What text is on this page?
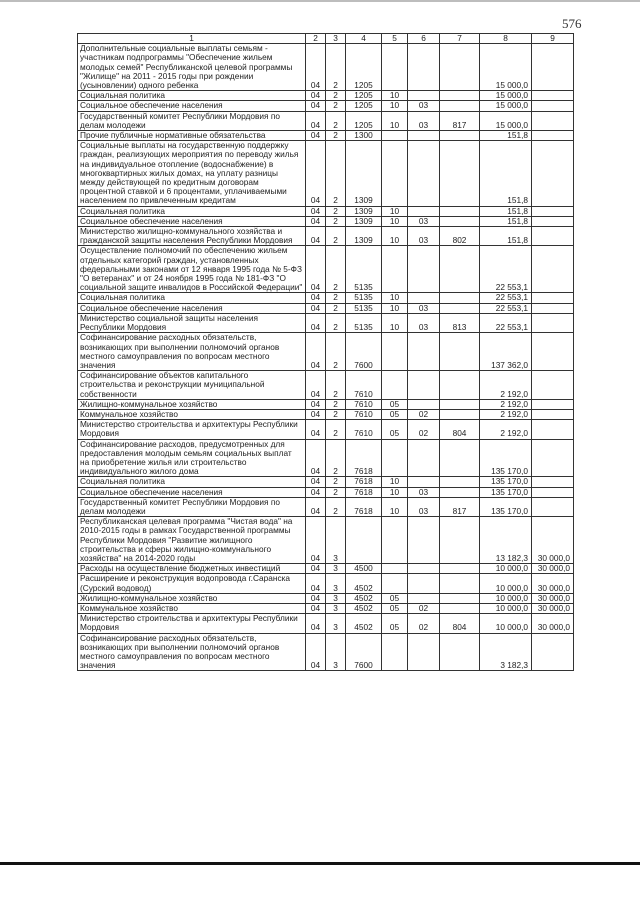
576
1	2	3	4	5	6	7	8	9
Дополнительные социальные выплаты семьям - участникам подпрограммы "Обеспечение жильем молодых семей" Республиканской целевой программы "Жилище" на 2011 - 2015 годы при рождении (усыновлении) одного ребенка	04	2	1205				15 000,0	
Социальная политика	04	2	1205	10			15 000,0	
Социальное обеспечение населения	04	2	1205	10	03		15 000,0	
Государственный комитет Республики Мордовия по делам молодежи	04	2	1205	10	03	817	15 000,0	
Прочие публичные нормативные обязательства	04	2	1300				151,8	
Социальные выплаты на государственную поддержку граждан, реализующих мероприятия по переводу жилья на индивидуальное отопление (водоснабжение) в многоквартирных жилых домах, на уплату разницы между действующей по кредитным договорам процентной ставкой и 6 процентами, уплачиваемыми населением по привлеченным кредитам	04	2	1309				151,8	
Социальная политика	04	2	1309	10			151,8	
Социальное обеспечение населения	04	2	1309	10	03		151,8	
Министерство жилищно-коммунального хозяйства и гражданской защиты населения Республики Мордовия	04	2	1309	10	03	802	151,8	
Осуществление полномочий по обеспечению жильем отдельных категорий граждан, установленных федеральными законами от 12 января 1995 года № 5-ФЗ "О ветеранах" и от 24 ноября 1995 года № 181-ФЗ "О социальной защите инвалидов в Российской Федерации"	04	2	5135				22 553,1	
Социальная политика	04	2	5135	10			22 553,1	
Социальное обеспечение населения	04	2	5135	10	03		22 553,1	
Министерство социальной защиты населения Республики Мордовия	04	2	5135	10	03	813	22 553,1	
Софинансирование расходных обязательств, возникающих при выполнении полномочий органов местного самоуправления по вопросам местного значения	04	2	7600				137 362,0	
Софинансирование объектов капитального строительства и реконструкции муниципальной собственности	04	2	7610				2 192,0	
Жилищно-коммунальное хозяйство	04	2	7610	05			2 192,0	
Коммунальное хозяйство	04	2	7610	05	02		2 192,0	
Министерство строительства и архитектуры Республики Мордовия	04	2	7610	05	02	804	2 192,0	
Софинансирование расходов, предусмотренных для предоставления молодым семьям социальных выплат на приобретение жилья или строительство индивидуального жилого дома	04	2	7618				135 170,0	
Социальная политика	04	2	7618	10			135 170,0	
Социальное обеспечение населения	04	2	7618	10	03		135 170,0	
Государственный комитет Республики Мордовия по делам молодежи	04	2	7618	10	03	817	135 170,0	
Республиканская целевая программа "Чистая вода" на 2010-2015 годы в рамках Государственной программы Республики Мордовия "Развитие жилищного строительства и сферы жилищно-коммунального хозяйства" на 2014-2020 годы	04	3					13 182,3	30 000,0
Расходы на осуществление бюджетных инвестиций	04	3	4500				10 000,0	30 000,0
Расширение и реконструкция водопровода г.Саранска (Сурский водовод)	04	3	4502				10 000,0	30 000,0
Жилищно-коммунальное хозяйство	04	3	4502	05			10 000,0	30 000,0
Коммунальное хозяйство	04	3	4502	05	02		10 000,0	30 000,0
Министерство строительства и архитектуры Республики Мордовия	04	3	4502	05	02	804	10 000,0	30 000,0
Софинансирование расходных обязательств, возникающих при выполнении полномочий органов местного самоуправления по вопросам местного значения	04	3	7600				3 182,3	
